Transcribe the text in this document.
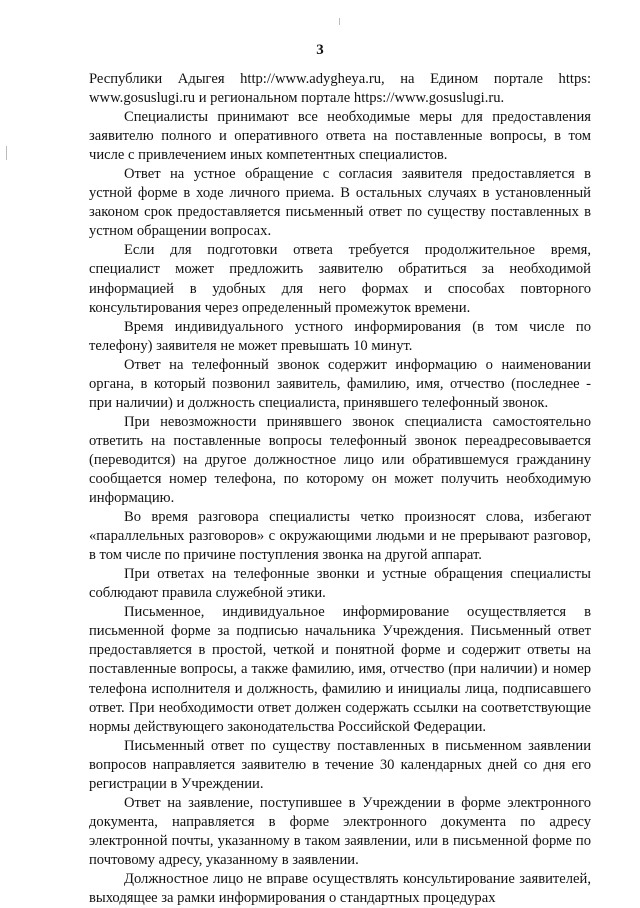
3

Республики Адыгея http://www.adygheya.ru, на Едином портале https: www.gosuslugi.ru и региональном портале https://www.gosuslugi.ru.

Специалисты принимают все необходимые меры для предоставления заявителю полного и оперативного ответа на поставленные вопросы, в том числе с привлечением иных компетентных специалистов.

Ответ на устное обращение с согласия заявителя предоставляется в устной форме в ходе личного приема. В остальных случаях в установленный законом срок предоставляется письменный ответ по существу поставленных в устном обращении вопросах.

Если для подготовки ответа требуется продолжительное время, специалист может предложить заявителю обратиться за необходимой информацией в удобных для него формах и способах повторного консультирования через определенный промежуток времени.

Время индивидуального устного информирования (в том числе по телефону) заявителя не может превышать 10 минут.

Ответ на телефонный звонок содержит информацию о наименовании органа, в который позвонил заявитель, фамилию, имя, отчество (последнее - при наличии) и должность специалиста, принявшего телефонный звонок.

При невозможности принявшего звонок специалиста самостоятельно ответить на поставленные вопросы телефонный звонок переадресовывается (переводится) на другое должностное лицо или обратившемуся гражданину сообщается номер телефона, по которому он может получить необходимую информацию.

Во время разговора специалисты четко произносят слова, избегают «параллельных разговоров» с окружающими людьми и не прерывают разговор, в том числе по причине поступления звонка на другой аппарат.

При ответах на телефонные звонки и устные обращения специалисты соблюдают правила служебной этики.

Письменное, индивидуальное информирование осуществляется в письменной форме за подписью начальника Учреждения. Письменный ответ предоставляется в простой, четкой и понятной форме и содержит ответы на поставленные вопросы, а также фамилию, имя, отчество (при наличии) и номер телефона исполнителя и должность, фамилию и инициалы лица, подписавшего ответ. При необходимости ответ должен содержать ссылки на соответствующие нормы действующего законодательства Российской Федерации.

Письменный ответ по существу поставленных в письменном заявлении вопросов направляется заявителю в течение 30 календарных дней со дня его регистрации в Учреждении.

Ответ на заявление, поступившее в Учреждении в форме электронного документа, направляется в форме электронного документа по адресу электронной почты, указанному в таком заявлении, или в письменной форме по почтовому адресу, указанному в заявлении.

Должностное лицо не вправе осуществлять консультирование заявителей, выходящее за рамки информирования о стандартных процедурах
